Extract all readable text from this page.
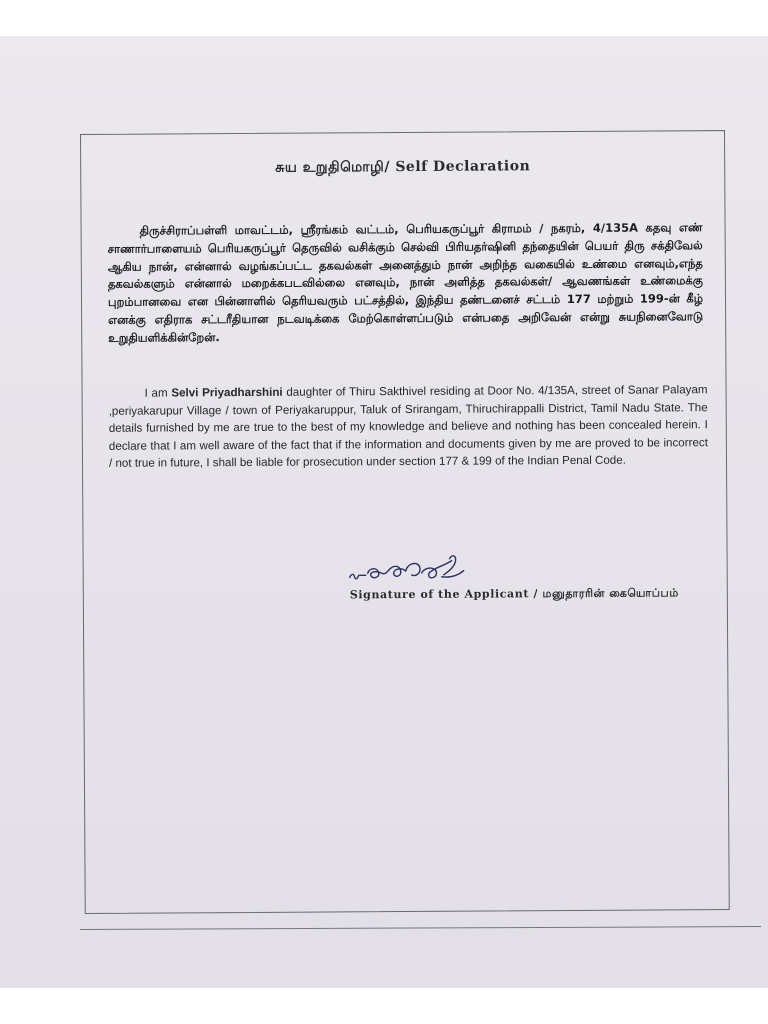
சுய உறுதிமொழி/ Self Declaration

திருச்சிராப்பள்ளி மாவட்டம், ஸ்ரீரங்கம் வட்டம், பெரியகருப்பூர் கிராமம் / நகரம், 4/135A கதவு எண் சாணார்பாளையம் பெரியகருப்பூர் தெருவில் வசிக்கும் செல்வி பிரியதர்ஷினி தந்தையின் பெயர் திரு சக்திவேல் ஆகிய நான், என்னால் வழங்கப்பட்ட தகவல்கள் அனைத்தும் நான் அறிந்த வகையில் உண்மை எனவும்,எந்த தகவல்களும் என்னால் மறைக்கபடவில்லை எனவும், நான் அளித்த தகவல்கள்/ ஆவணங்கள் உண்மைக்கு புறம்பானவை என பின்னாளில் தெரியவரும் பட்சத்தில், இந்திய தண்டனைச் சட்டம் 177 மற்றும் 199-ன் கீழ் எனக்கு எதிராக சட்டரீதியான நடவடிக்கை மேற்கொள்ளப்படும் என்பதை அறிவேன் என்று சுயநினைவோடு உறுதியளிக்கின்றேன்.

I am Selvi Priyadharshini daughter of Thiru Sakthivel residing at Door No. 4/135A, street of Sanar Palayam ,periyakarupur Village / town of Periyakaruppur, Taluk of Srirangam, Thiruchirappalli District, Tamil Nadu State. The details furnished by me are true to the best of my knowledge and believe and nothing has been concealed herein. I declare that I am well aware of the fact that if the information and documents given by me are proved to be incorrect / not true in future, I shall be liable for prosecution under section 177 & 199 of the Indian Penal Code.

Signature of the Applicant / மனுதாரரின் கையொப்பம்
